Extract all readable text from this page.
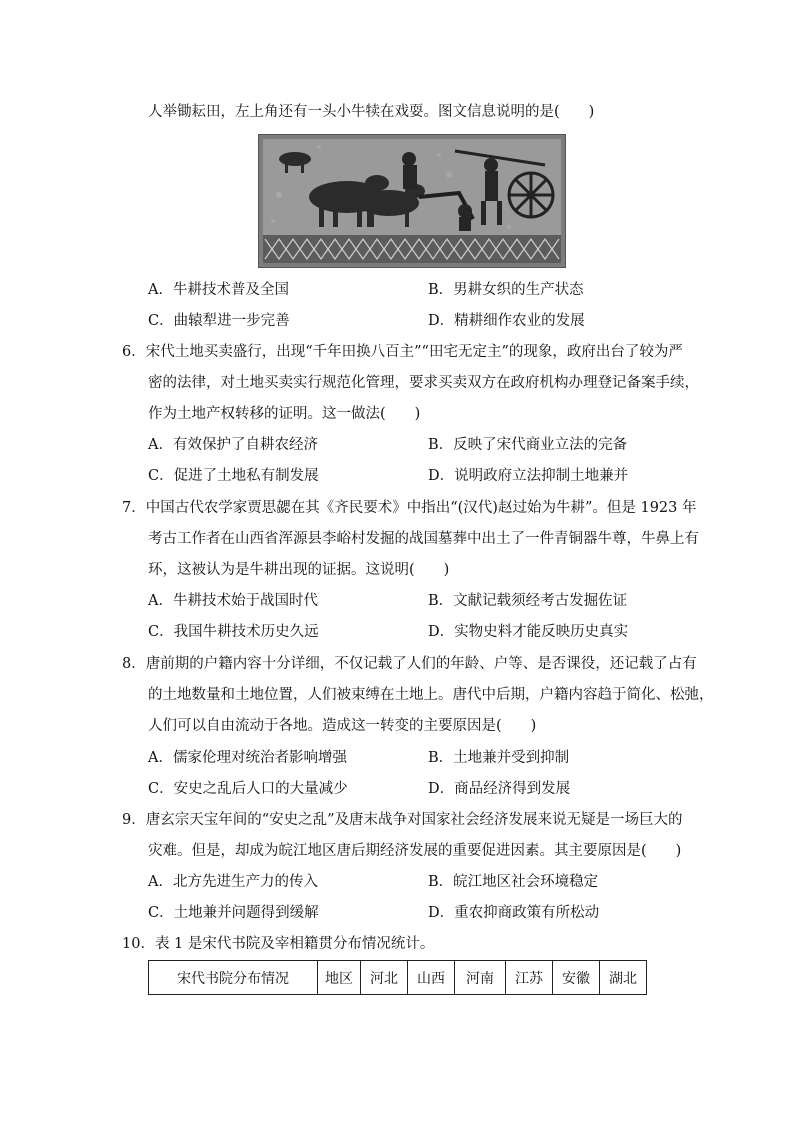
人举锄耘田，左上角还有一头小牛犊在戏耍。图文信息说明的是(　　)
A．牛耕技术普及全国	B．男耕女织的生产状态
C．曲辕犁进一步完善	D．精耕细作农业的发展
6．宋代土地买卖盛行，出现“千年田换八百主”“田宅无定主”的现象，政府出台了较为严
密的法律，对土地买卖实行规范化管理，要求买卖双方在政府机构办理登记备案手续，
作为土地产权转移的证明。这一做法(　　)
A．有效保护了自耕农经济	B．反映了宋代商业立法的完备
C．促进了土地私有制发展	D．说明政府立法抑制土地兼并
7．中国古代农学家贾思勰在其《齐民要术》中指出“(汉代)赵过始为牛耕”。但是 1923 年
考古工作者在山西省浑源县李峪村发掘的战国墓葬中出土了一件青铜器牛尊，牛鼻上有
环，这被认为是牛耕出现的证据。这说明(　　)
A．牛耕技术始于战国时代	B．文献记载须经考古发掘佐证
C．我国牛耕技术历史久远	D．实物史料才能反映历史真实
8．唐前期的户籍内容十分详细，不仅记载了人们的年龄、户等、是否课役，还记载了占有
的土地数量和土地位置，人们被束缚在土地上。唐代中后期，户籍内容趋于简化、松弛，
人们可以自由流动于各地。造成这一转变的主要原因是(　　)
A．儒家伦理对统治者影响增强	B．土地兼并受到抑制
C．安史之乱后人口的大量减少	D．商品经济得到发展
9．唐玄宗天宝年间的“安史之乱”及唐末战争对国家社会经济发展来说无疑是一场巨大的
灾难。但是，却成为皖江地区唐后期经济发展的重要促进因素。其主要原因是(　　)
A．北方先进生产力的传入	B．皖江地区社会环境稳定
C．土地兼并问题得到缓解	D．重农抑商政策有所松动
10．表 1 是宋代书院及宰相籍贯分布情况统计。
宋代书院分布情况	地区	河北	山西	河南	江苏	安徽	湖北
